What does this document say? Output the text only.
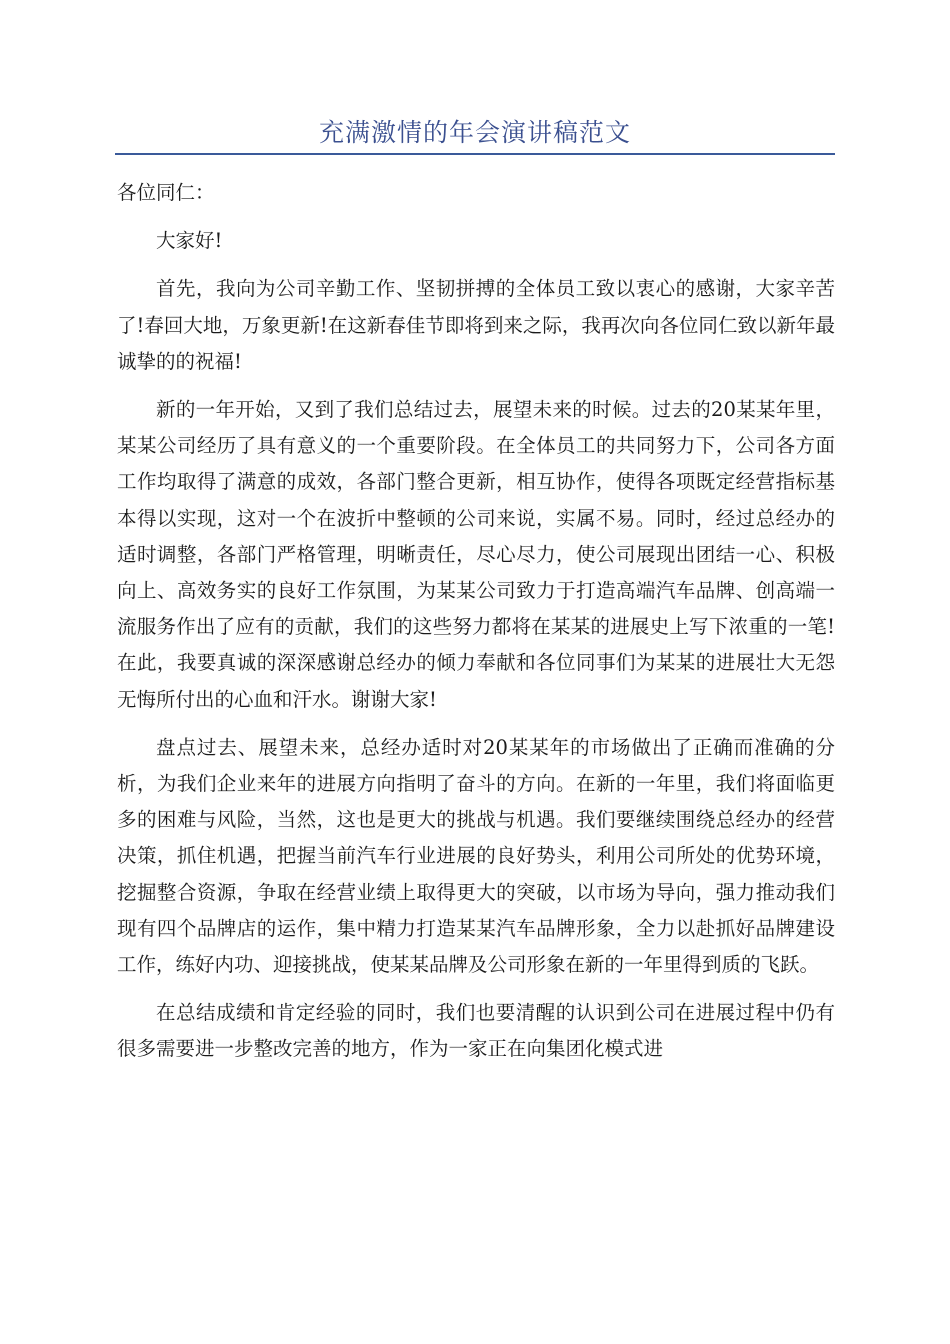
充满激情的年会演讲稿范文

各位同仁：

大家好!

首先，我向为公司辛勤工作、坚韧拼搏的全体员工致以衷心的感谢，大家辛苦了!春回大地，万象更新!在这新春佳节即将到来之际，我再次向各位同仁致以新年最诚挚的的祝福!

新的一年开始，又到了我们总结过去，展望未来的时候。过去的20某某年里，某某公司经历了具有意义的一个重要阶段。在全体员工的共同努力下，公司各方面工作均取得了满意的成效，各部门整合更新，相互协作，使得各项既定经营指标基本得以实现，这对一个在波折中整顿的公司来说，实属不易。同时，经过总经办的适时调整，各部门严格管理，明晰责任，尽心尽力，使公司展现出团结一心、积极向上、高效务实的良好工作氛围，为某某公司致力于打造高端汽车品牌、创高端一流服务作出了应有的贡献，我们的这些努力都将在某某的进展史上写下浓重的一笔!在此，我要真诚的深深感谢总经办的倾力奉献和各位同事们为某某的进展壮大无怨无悔所付出的心血和汗水。谢谢大家!

盘点过去、展望未来，总经办适时对20某某年的市场做出了正确而准确的分析，为我们企业来年的进展方向指明了奋斗的方向。在新的一年里，我们将面临更多的困难与风险，当然，这也是更大的挑战与机遇。我们要继续围绕总经办的经营决策，抓住机遇，把握当前汽车行业进展的良好势头，利用公司所处的优势环境，挖掘整合资源，争取在经营业绩上取得更大的突破，以市场为导向，强力推动我们现有四个品牌店的运作，集中精力打造某某汽车品牌形象，全力以赴抓好品牌建设工作，练好内功、迎接挑战，使某某品牌及公司形象在新的一年里得到质的飞跃。

在总结成绩和肯定经验的同时，我们也要清醒的认识到公司在进展过程中仍有很多需要进一步整改完善的地方，作为一家正在向集团化模式进
